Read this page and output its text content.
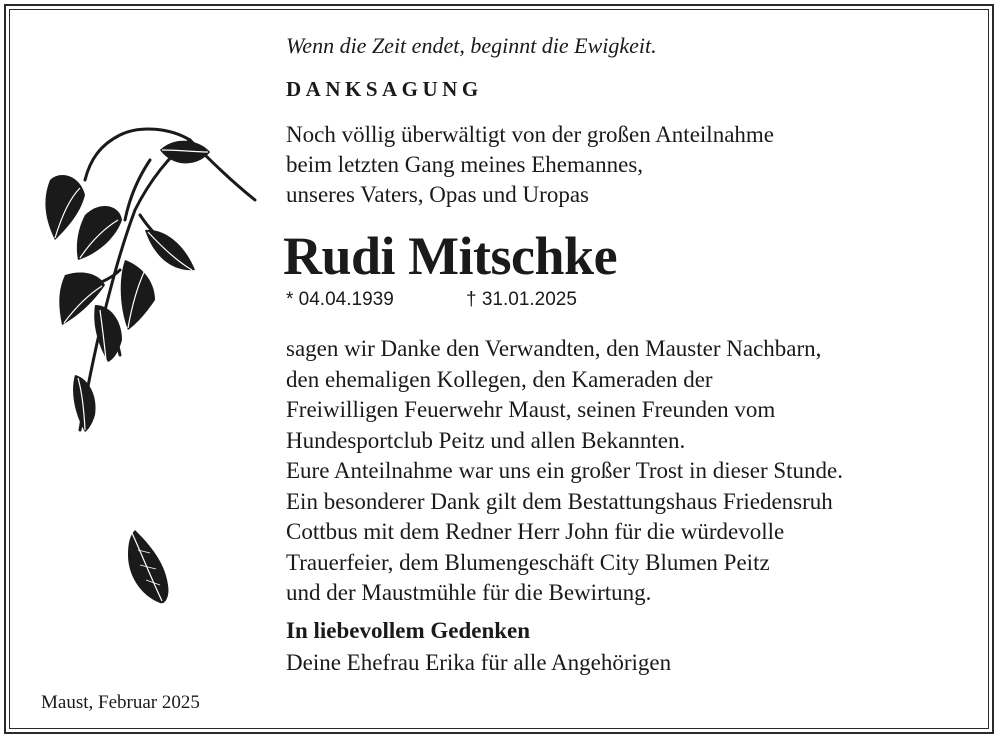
Wenn die Zeit endet, beginnt die Ewigkeit.
DANKSAGUNG
Noch völlig überwältigt von der großen Anteilnahme
beim letzten Gang meines Ehemannes,
unseres Vaters, Opas und Uropas
Rudi Mitschke
* 04.04.1939	† 31.01.2025
sagen wir Danke den Verwandten, den Mauster Nachbarn,
den ehemaligen Kollegen, den Kameraden der
Freiwilligen Feuerwehr Maust, seinen Freunden vom
Hundesportclub Peitz und allen Bekannten.
Eure Anteilnahme war uns ein großer Trost in dieser Stunde.
Ein besonderer Dank gilt dem Bestattungshaus Friedensruh
Cottbus mit dem Redner Herr John für die würdevolle
Trauerfeier, dem Blumengeschäft City Blumen Peitz
und der Maustmühle für die Bewirtung.
In liebevollem Gedenken
Deine Ehefrau Erika für alle Angehörigen
Maust, Februar 2025
